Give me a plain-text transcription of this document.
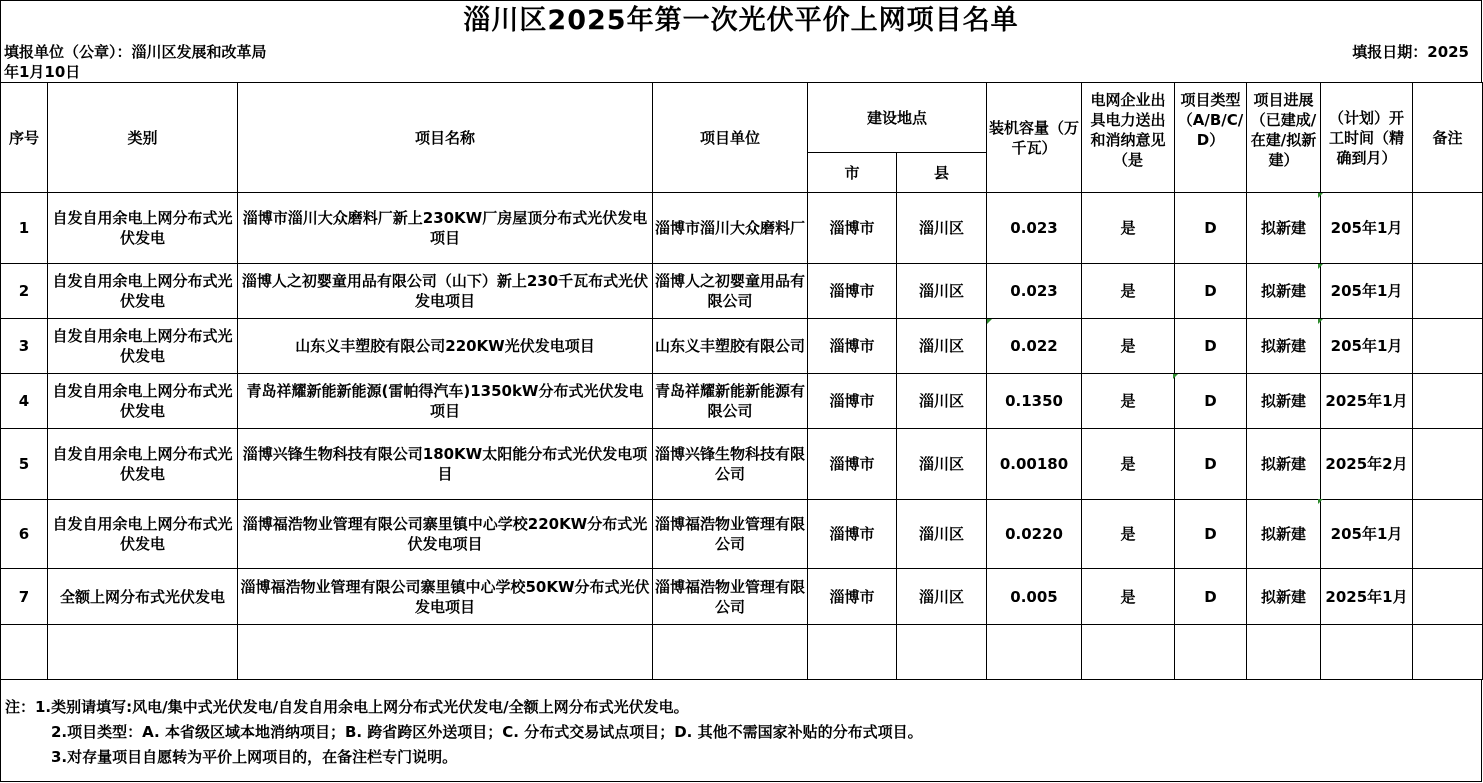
淄川区2025年第一次光伏平价上网项目名单
填报单位（公章）：淄川区发展和改革局
年1月10日
填报日期：2025
序号	类别	项目名称	项目单位	建设地点		装机容量（万千瓦）	电网企业出具电力送出和消纳意见（是	项目类型（A/B/C/D）	项目进展（已建成/在建/拟新建）	（计划）开工时间（精确到月）	备注
				市	县						
1	自发自用余电上网分布式光伏发电	淄博市淄川大众磨料厂新上230KW厂房屋顶分布式光伏发电项目	淄博市淄川大众磨料厂	淄博市	淄川区	0.023	是	D	拟新建	205年1月	
2	自发自用余电上网分布式光伏发电	淄博人之初婴童用品有限公司（山下）新上230千瓦布式光伏发电项目	淄博人之初婴童用品有限公司	淄博市	淄川区	0.023	是	D	拟新建	205年1月	
3	自发自用余电上网分布式光伏发电	山东义丰塑胶有限公司220KW光伏发电项目	山东义丰塑胶有限公司	淄博市	淄川区	0.022	是	D	拟新建	205年1月	
4	自发自用余电上网分布式光伏发电	青岛祥耀新能新能源(雷帕得汽车)1350kW分布式光伏发电项目	青岛祥耀新能新能源有限公司	淄博市	淄川区	0.1350	是	D	拟新建	2025年1月	
5	自发自用余电上网分布式光伏发电	淄博兴锋生物科技有限公司180KW太阳能分布式光伏发电项目	淄博兴锋生物科技有限公司	淄博市	淄川区	0.00180	是	D	拟新建	2025年2月	
6	自发自用余电上网分布式光伏发电	淄博福浩物业管理有限公司寨里镇中心学校220KW分布式光伏发电项目	淄博福浩物业管理有限公司	淄博市	淄川区	0.0220	是	D	拟新建	205年1月	
7	全额上网分布式光伏发电	淄博福浩物业管理有限公司寨里镇中心学校50KW分布式光伏发电项目	淄博福浩物业管理有限公司	淄博市	淄川区	0.005	是	D	拟新建	2025年1月	

注：1.类别请填写:风电/集中式光伏发电/自发自用余电上网分布式光伏发电/全额上网分布式光伏发电。
2.项目类型：A. 本省级区域本地消纳项目；B. 跨省跨区外送项目；C. 分布式交易试点项目；D. 其他不需国家补贴的分布式项目。
3.对存量项目自愿转为平价上网项目的，在备注栏专门说明。
